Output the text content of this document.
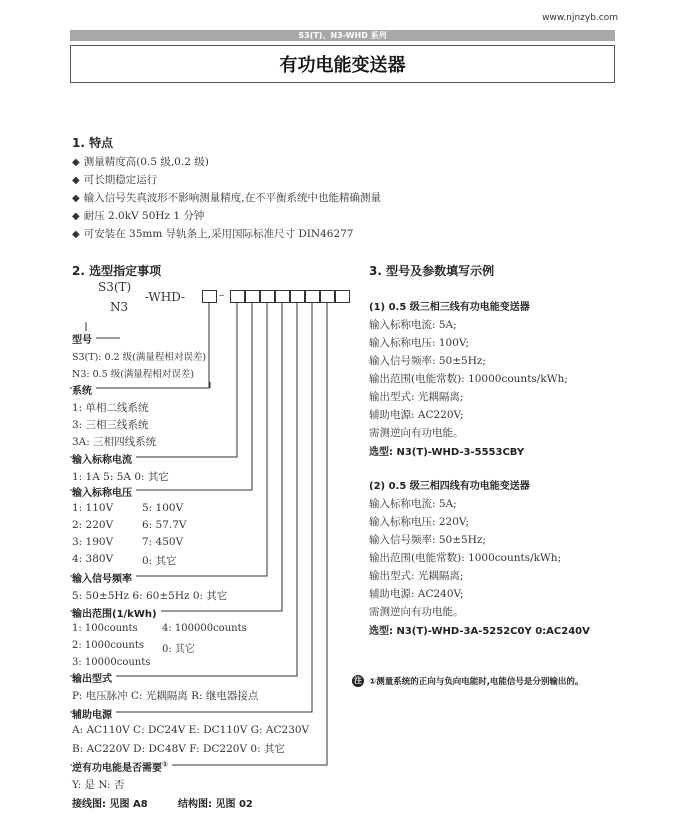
www.njnzyb.com
S3(T)、N3-WHD 系列
有功电能变送器
1. 特点
◆ 测量精度高(0.5 级,0.2 级)
◆ 可长期稳定运行
◆ 输入信号失真波形不影响测量精度,在不平衡系统中也能精确测量
◆ 耐压 2.0kV 50Hz 1 分钟
◆ 可安装在 35mm 导轨条上,采用国际标准尺寸 DIN46277
2. 选型指定事项
S3(T)
N3
-WHD-	–
型号
S3(T): 0.2 级(满量程相对误差)
N3: 0.5 级(满量程相对误差)
系统
1: 单相二线系统
3: 三相三线系统
3A: 三相四线系统
输入标称电流
1: 1A 5: 5A 0: 其它
输入标称电压
1: 110V	5: 100V
2: 220V	6: 57.7V
3: 190V	7: 450V
4: 380V	0: 其它
输入信号频率
5: 50±5Hz 6: 60±5Hz 0: 其它
输出范围(1/kWh)
1: 100counts 4: 100000counts
2: 1000counts 0: 其它
3: 10000counts
输出型式
P: 电压脉冲 C: 光耦隔离 R: 继电器接点
辅助电源
A: AC110V C: DC24V E: DC110V G: AC230V
B: AC220V D: DC48V F: DC220V 0: 其它
逆有功电能是否需要①
Y: 是 N: 否
接线图: 见图 A8	结构图: 见图 02
3. 型号及参数填写示例
(1) 0.5 级三相三线有功电能变送器
输入标称电流: 5A;
输入标称电压: 100V;
输入信号频率: 50±5Hz;
输出范围(电能常数): 10000counts/kWh;
输出型式: 光耦隔离;
辅助电源: AC220V;
需测逆向有功电能。
选型: N3(T)-WHD-3-5553CBY
(2) 0.5 级三相四线有功电能变送器
输入标称电流: 5A;
输入标称电压: 220V;
输入信号频率: 50±5Hz;
输出范围(电能常数): 1000counts/kWh;
输出型式: 光耦隔离;
辅助电源: AC240V;
需测逆向有功电能。
选型: N3(T)-WHD-3A-5252C0Y 0:AC240V
注 ①测量系统的正向与负向电能时,电能信号是分别输出的。
